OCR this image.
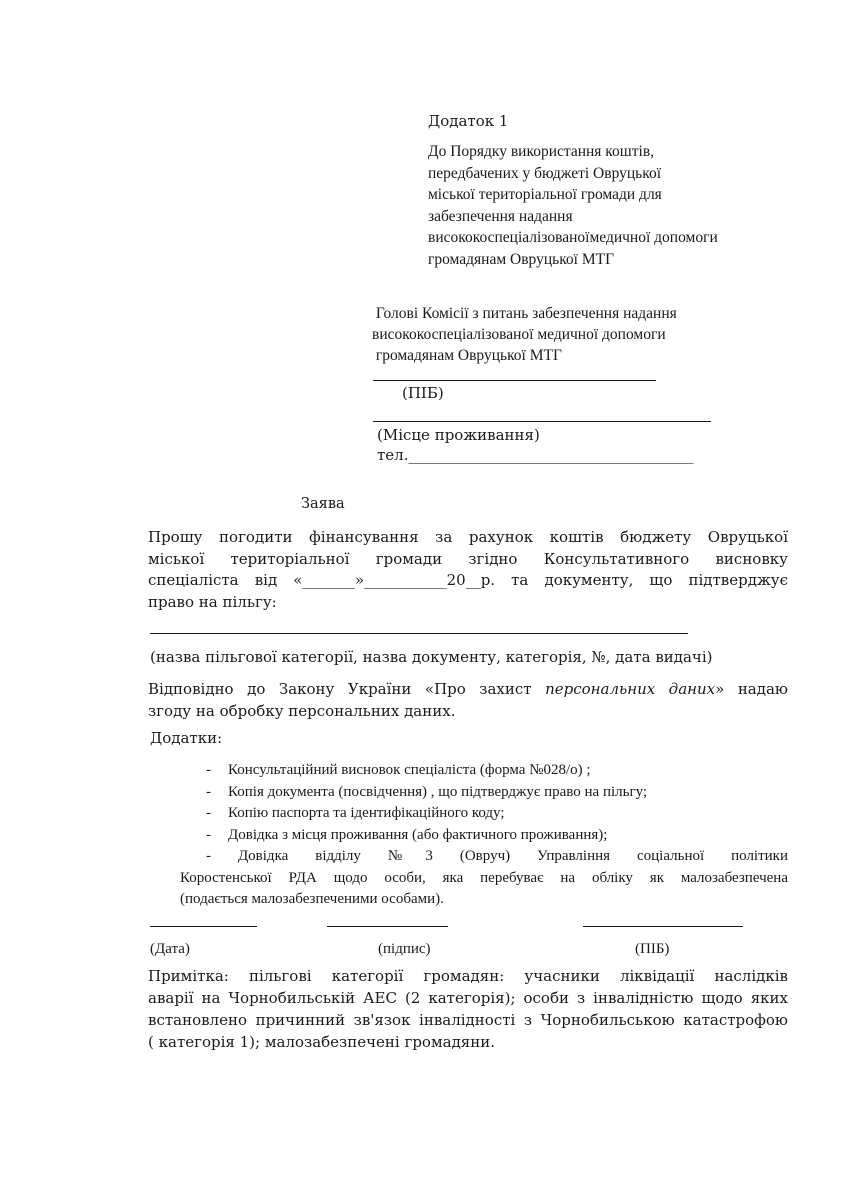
Додаток 1
До Порядку використання коштів,
передбачених у бюджеті Овруцької
міської територіальної громади для
забезпечення надання
висококоспеціалізованоїмедичної допомоги
громадянам Овруцької МТГ
Голові Комісії з питань забезпечення надання
висококоспеціалізованої медичної допомоги
громадянам Овруцької МТГ
(ПІБ)
(Місце проживання)
тел.______________________________________
Заява
Прошу погодити фінансування за рахунок коштів бюджету Овруцької
міської територіальної громади згідно Консультативного висновку
спеціаліста від «_______»___________20__р. та документу, що підтверджує
право на пільгу:
(назва пільгової категорії, назва документу, категорія, №, дата видачі)
Відповідно до Закону України «Про захист персональних даних» надаю
згоду на обробку персональних даних.
Додатки:
- Консультаційний висновок спеціаліста (форма №028/о) ;
- Копія документа (посвідчення) , що підтверджує право на пільгу;
- Копію паспорта та ідентифікаційного коду;
- Довідка з місця проживання (або фактичного проживання);
- Довідка відділу №3 (Овруч) Управління соціальної політики
Коростенської РДА щодо особи, яка перебуває на обліку як малозабезпечена
(подається малозабезпеченими особами).
(Дата)	(підпис)	(ПІБ)
Примітка: пільгові категорії громадян: учасники ліквідації наслідків
аварії на Чорнобильській АЕС (2 категорія); особи з інвалідністю щодо яких
встановлено причинний зв'язок інвалідності з Чорнобильською катастрофою
( категорія 1); малозабезпечені громадяни.
